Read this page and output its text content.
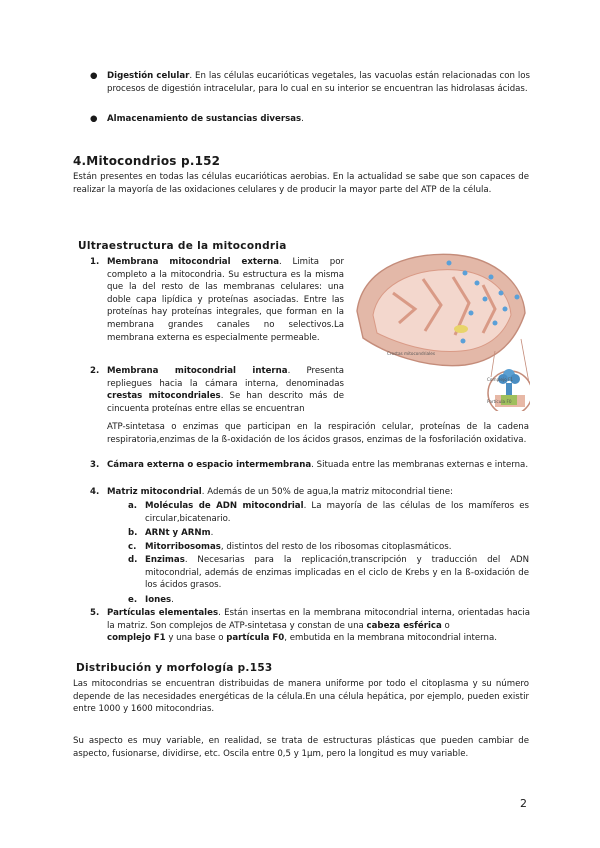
● Digestión celular. En las células eucarióticas vegetales, las vacuolas están relacionadas con los procesos de digestión intracelular, para lo cual en su interior se encuentran las hidrolasas ácidas.
● Almacenamiento de sustancias diversas.
4.Mitocondrios p.152
Están presentes en todas las células eucarióticas aerobias. En la actualidad se sabe que son capaces de realizar la mayoría de las oxidaciones celulares y de producir la mayor parte del ATP de la célula.
Ultraestructura de la mitocondria
1. Membrana mitocondrial externa. Limita por completo a la mitocondria. Su estructura es la misma que la del resto de las membranas celulares: una doble capa lipídica y proteínas asociadas. Entre las proteínas hay proteínas integrales, que forman en la membrana grandes canales no selectivos.La membrana externa es especialmente permeable.
2. Membrana mitocondrial interna. Presenta repliegues hacia la cámara interna, denominadas crestas mitocondriales. Se han descrito más de cincuenta proteínas entre ellas se encuentran
ATP-sintetasa o enzimas que participan en la respiración celular, proteínas de la cadena respiratoria,enzimas de la ß-oxidación de los ácidos grasos, enzimas de la fosforilación oxidativa.
3. Cámara externa o espacio intermembrana. Situada entre las membranas externas e interna.
4. Matriz mitocondrial. Además de un 50% de agua,la matriz mitocondrial tiene:
a. Moléculas de ADN mitocondrial. La mayoría de las células de los mamíferos es circular,bicatenario.
b. ARNt y ARNm.
c. Mitorribosomas, distintos del resto de los ribosomas citoplasmáticos.
d. Enzimas. Necesarias para la replicación,transcripción y traducción del ADN mitocondrial, además de enzimas implicadas en el ciclo de Krebs y en la ß-oxidación de los ácidos grasos.
e. Iones.
5. Partículas elementales. Están insertas en la membrana mitocondrial interna, orientadas hacia la matriz. Son complejos de ATP-sintetasa y constan de una cabeza esférica o
complejo F1 y una base o partícula F0, embutida en la membrana mitocondrial interna.
Crestas mitocondriales
Complejo F1
Partícula F0
Distribución y morfología p.153
Las mitocondrias se encuentran distribuidas de manera uniforme por todo el citoplasma y su número depende de las necesidades energéticas de la célula.En una célula hepática, por ejemplo, pueden existir entre 1000 y 1600 mitocondrias.
Su aspecto es muy variable, en realidad, se trata de estructuras plásticas que pueden cambiar de aspecto, fusionarse, dividirse, etc. Oscila entre 0,5 y 1μm, pero la longitud es muy variable.
2
